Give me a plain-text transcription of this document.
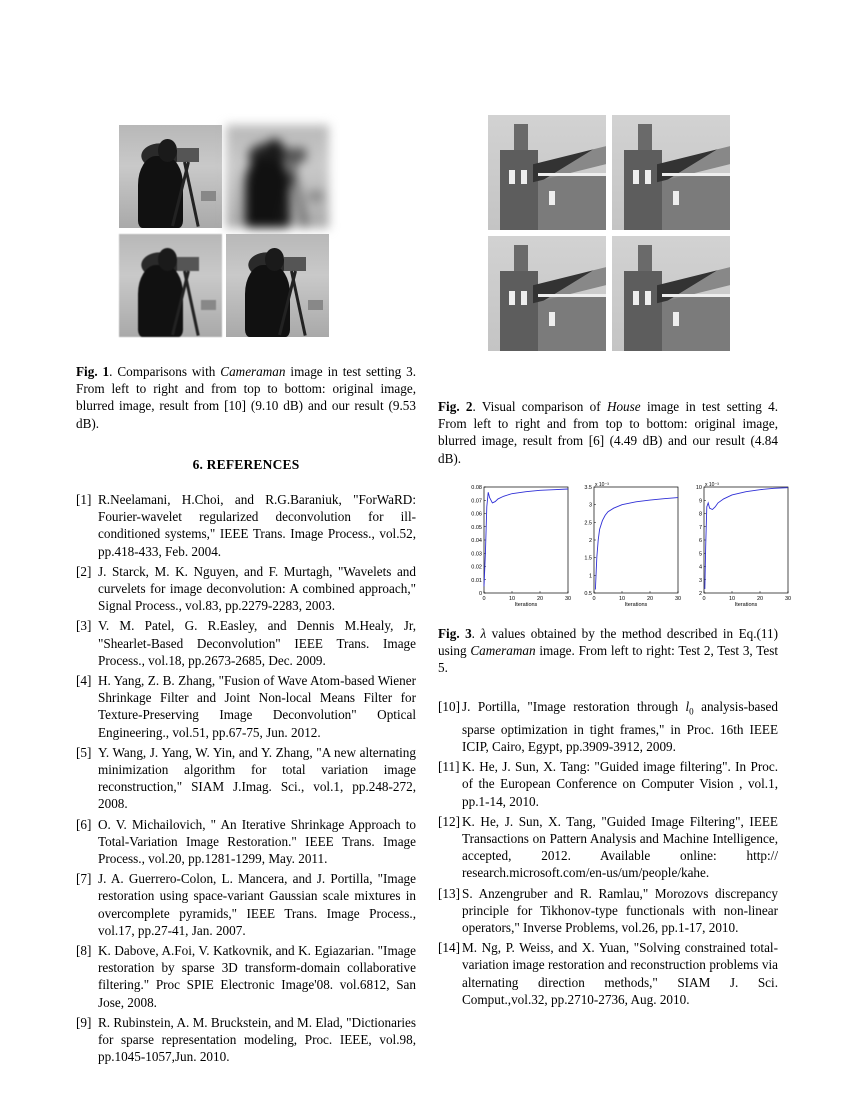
Fig. 1. Comparisons with Cameraman image in test setting 3. From left to right and from top to bottom: original image, blurred image, result from [10] (9.10 dB) and our result (9.53 dB).
Fig. 2. Visual comparison of House image in test setting 4. From left to right and from top to bottom: original image, blurred image, result from [6] (4.49 dB) and our result (4.84 dB).
6. REFERENCES
[1] R.Neelamani, H.Choi, and R.G.Baraniuk, "ForWaRD: Fourier-wavelet regularized deconvolution for ill-conditioned systems," IEEE Trans. Image Process., vol.52, pp.418-433, Feb. 2004.
[2] J. Starck, M. K. Nguyen, and F. Murtagh, "Wavelets and curvelets for image deconvolution: A combined approach," Signal Process., vol.83, pp.2279-2283, 2003.
[3] V. M. Patel, G. R.Easley, and Dennis M.Healy, Jr, "Shearlet-Based Deconvolution" IEEE Trans. Image Process., vol.18, pp.2673-2685, Dec. 2009.
[4] H. Yang, Z. B. Zhang, "Fusion of Wave Atom-based Wiener Shrinkage Filter and Joint Non-local Means Filter for Texture-Preserving Image Deconvolution" Optical Engineering., vol.51, pp.67-75, Jun. 2012.
[5] Y. Wang, J. Yang, W. Yin, and Y. Zhang, "A new alternating minimization algorithm for total variation image reconstruction," SIAM J.Imag. Sci., vol.1, pp.248-272, 2008.
[6] O. V. Michailovich, " An Iterative Shrinkage Approach to Total-Variation Image Restoration." IEEE Trans. Image Process., vol.20, pp.1281-1299, May. 2011.
[7] J. A. Guerrero-Colon, L. Mancera, and J. Portilla, "Image restoration using space-variant Gaussian scale mixtures in overcomplete pyramids," IEEE Trans. Image Process., vol.17, pp.27-41, Jan. 2007.
[8] K. Dabove, A.Foi, V. Katkovnik, and K. Egiazarian. "Image restoration by sparse 3D transform-domain collaborative filtering." Proc SPIE Electronic Image'08. vol.6812, San Jose, 2008.
[9] R. Rubinstein, A. M. Bruckstein, and M. Elad, "Dictionaries for sparse representation modeling, Proc. IEEE, vol.98, pp.1045-1057,Jun. 2010.
0	10	20	30
0
0.01
0.02
0.03
0.04
0.05
0.06
0.07
0.08
Iterations
0	10	20	30
0.5
1
1.5
2
2.5
3
3.5 x 10⁻³
Iterations
0	10	20	30
2
3
4
5
6
7
8
9
10 x 10⁻³
Iterations
Fig. 3. λ values obtained by the method described in Eq.(11) using Cameraman image. From left to right: Test 2, Test 3, Test 5.
[10] J. Portilla, "Image restoration through $l_0$ analysis-based sparse optimization in tight frames," in Proc. 16th IEEE ICIP, Cairo, Egypt, pp.3909-3912, 2009.
[11] K. He, J. Sun, X. Tang: "Guided image filtering". In Proc. of the European Conference on Computer Vision , vol.1, pp.1-14, 2010.
[12] K. He, J. Sun, X. Tang, "Guided Image Filtering", IEEE Transactions on Pattern Analysis and Machine Intelligence, accepted, 2012. Available online: http:// research.microsoft.com/en-us/um/people/kahe.
[13] S. Anzengruber and R. Ramlau," Morozovs discrepancy principle for Tikhonov-type functionals with non-linear operators," Inverse Problems, vol.26, pp.1-17, 2010.
[14] M. Ng, P. Weiss, and X. Yuan, "Solving constrained total-variation image restoration and reconstruction problems via alternating direction methods," SIAM J. Sci. Comput.,vol.32, pp.2710-2736, Aug. 2010.
